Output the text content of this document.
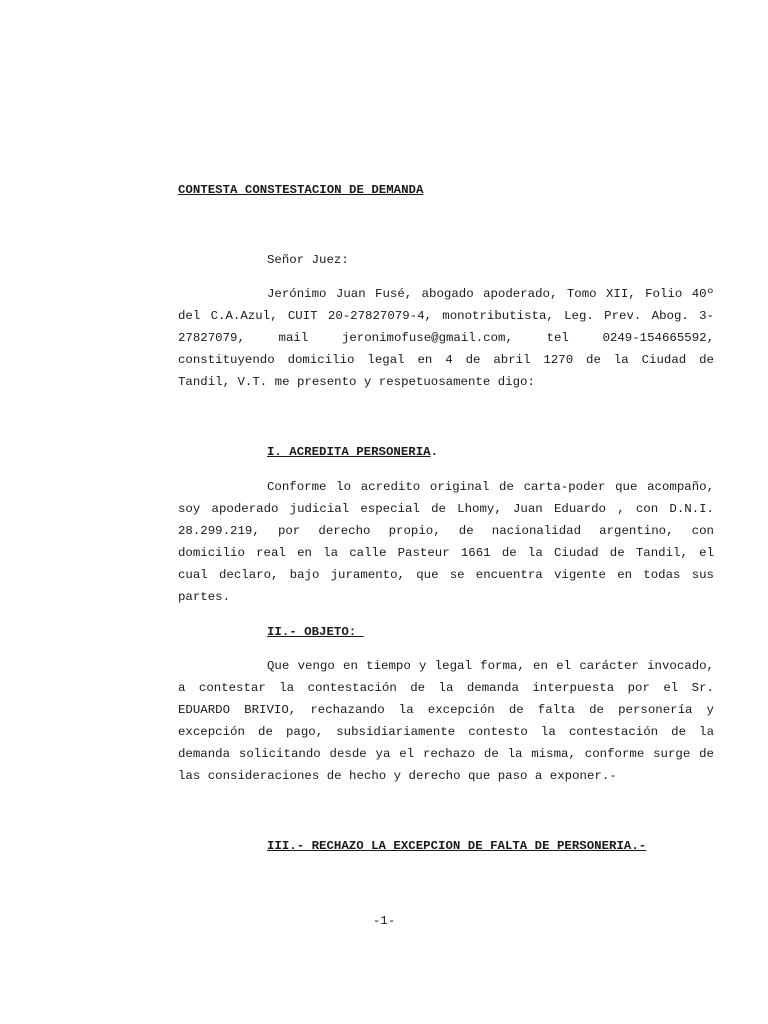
CONTESTA CONSTESTACION DE DEMANDA
Señor Juez:
Jerónimo Juan Fusé, abogado apoderado, Tomo XII, Folio 40º
del C.A.Azul, CUIT 20-27827079-4, monotributista, Leg. Prev. Abog. 3-
27827079, mail jeronimofuse@gmail.com, tel 0249-154665592,
constituyendo domicilio legal en 4 de abril 1270 de la Ciudad de
Tandil, V.T. me presento y respetuosamente digo:
I. ACREDITA PERSONERIA.
Conforme lo acredito original de carta-poder que acompaño,
soy apoderado judicial especial de Lhomy, Juan Eduardo , con D.N.I.
28.299.219, por derecho propio, de nacionalidad argentino, con
domicilio real en la calle Pasteur 1661 de la Ciudad de Tandil, el
cual declaro, bajo juramento, que se encuentra vigente en todas sus
partes.
II.- OBJETO:
Que vengo en tiempo y legal forma, en el carácter invocado,
a contestar la contestación de la demanda interpuesta por el Sr.
EDUARDO BRIVIO, rechazando la excepción de falta de personería y
excepción de pago, subsidiariamente contesto la contestación de la
demanda solicitando desde ya el rechazo de la misma, conforme surge de
las consideraciones de hecho y derecho que paso a exponer.-
III.- RECHAZO LA EXCEPCION DE FALTA DE PERSONERIA.-
-1-
